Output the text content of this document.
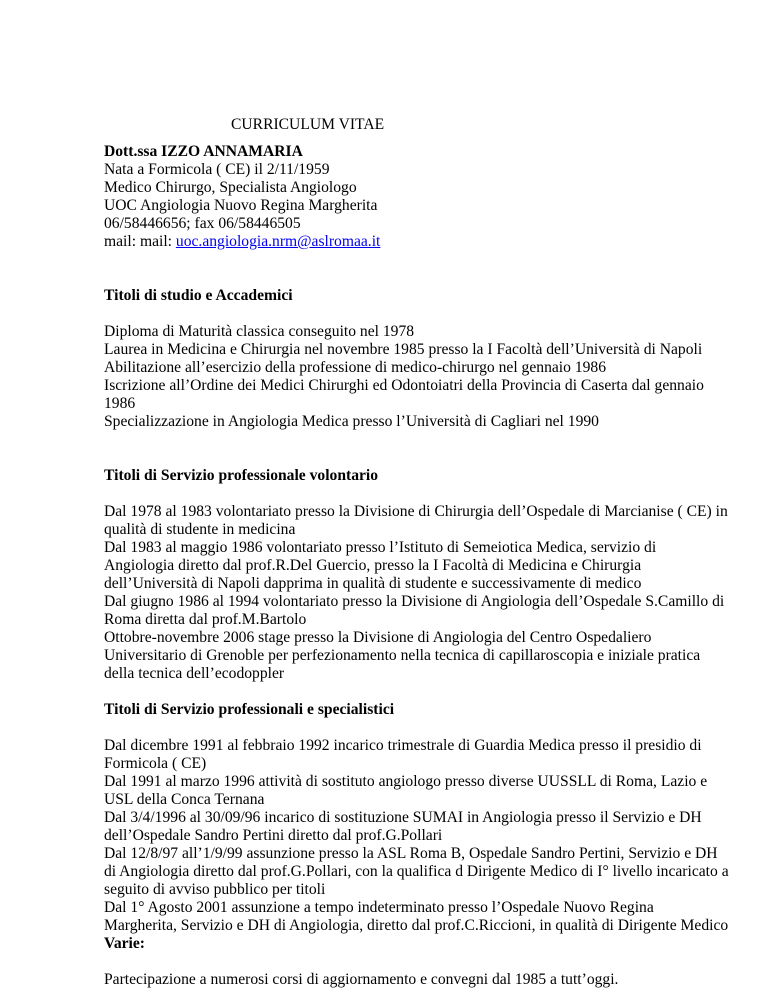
CURRICULUM VITAE
Dott.ssa IZZO ANNAMARIA
Nata a Formicola ( CE) il 2/11/1959
Medico Chirurgo, Specialista Angiologo
UOC Angiologia Nuovo Regina Margherita
06/58446656; fax 06/58446505
mail: mail: uoc.angiologia.nrm@aslromaa.it
Titoli di studio e Accademici
Diploma di Maturità classica conseguito nel 1978
Laurea in Medicina e Chirurgia nel novembre 1985 presso la I Facoltà dell’Università di Napoli
Abilitazione all’esercizio della professione di medico-chirurgo nel gennaio 1986
Iscrizione all’Ordine dei Medici Chirurghi ed Odontoiatri della Provincia di Caserta dal gennaio
1986
Specializzazione in Angiologia Medica presso l’Università di Cagliari nel 1990
Titoli di Servizio professionale volontario
Dal 1978 al 1983 volontariato presso la Divisione di Chirurgia dell’Ospedale di Marcianise ( CE) in
qualità di studente in medicina
Dal 1983 al maggio 1986 volontariato presso l’Istituto di Semeiotica Medica, servizio di
Angiologia diretto dal prof.R.Del Guercio, presso la I Facoltà di Medicina e Chirurgia
dell’Università di Napoli dapprima in qualità di studente e successivamente di medico
Dal giugno 1986 al 1994 volontariato presso la Divisione di Angiologia dell’Ospedale S.Camillo di
Roma diretta dal prof.M.Bartolo
Ottobre-novembre 2006 stage presso la Divisione di Angiologia del Centro Ospedaliero
Universitario di Grenoble per perfezionamento nella tecnica di capillaroscopia e iniziale pratica
della tecnica dell’ecodoppler
Titoli di Servizio professionali e specialistici
Dal dicembre 1991 al febbraio 1992 incarico trimestrale di Guardia Medica presso il presidio di
Formicola ( CE)
Dal 1991 al marzo 1996 attività di sostituto angiologo presso diverse UUSSLL di Roma, Lazio e
USL della Conca Ternana
Dal 3/4/1996 al 30/09/96 incarico di sostituzione SUMAI in Angiologia presso il Servizio e DH
dell’Ospedale Sandro Pertini diretto dal prof.G.Pollari
Dal 12/8/97 all’1/9/99 assunzione presso la ASL Roma B, Ospedale Sandro Pertini, Servizio e DH
di Angiologia diretto dal prof.G.Pollari, con la qualifica d Dirigente Medico di I° livello incaricato a
seguito di avviso pubblico per titoli
Dal 1° Agosto 2001 assunzione a tempo indeterminato presso l’Ospedale Nuovo Regina
Margherita, Servizio e DH di Angiologia, diretto dal prof.C.Riccioni, in qualità di Dirigente Medico
Varie:
Partecipazione a numerosi corsi di aggiornamento e convegni dal 1985 a tutt’oggi.
